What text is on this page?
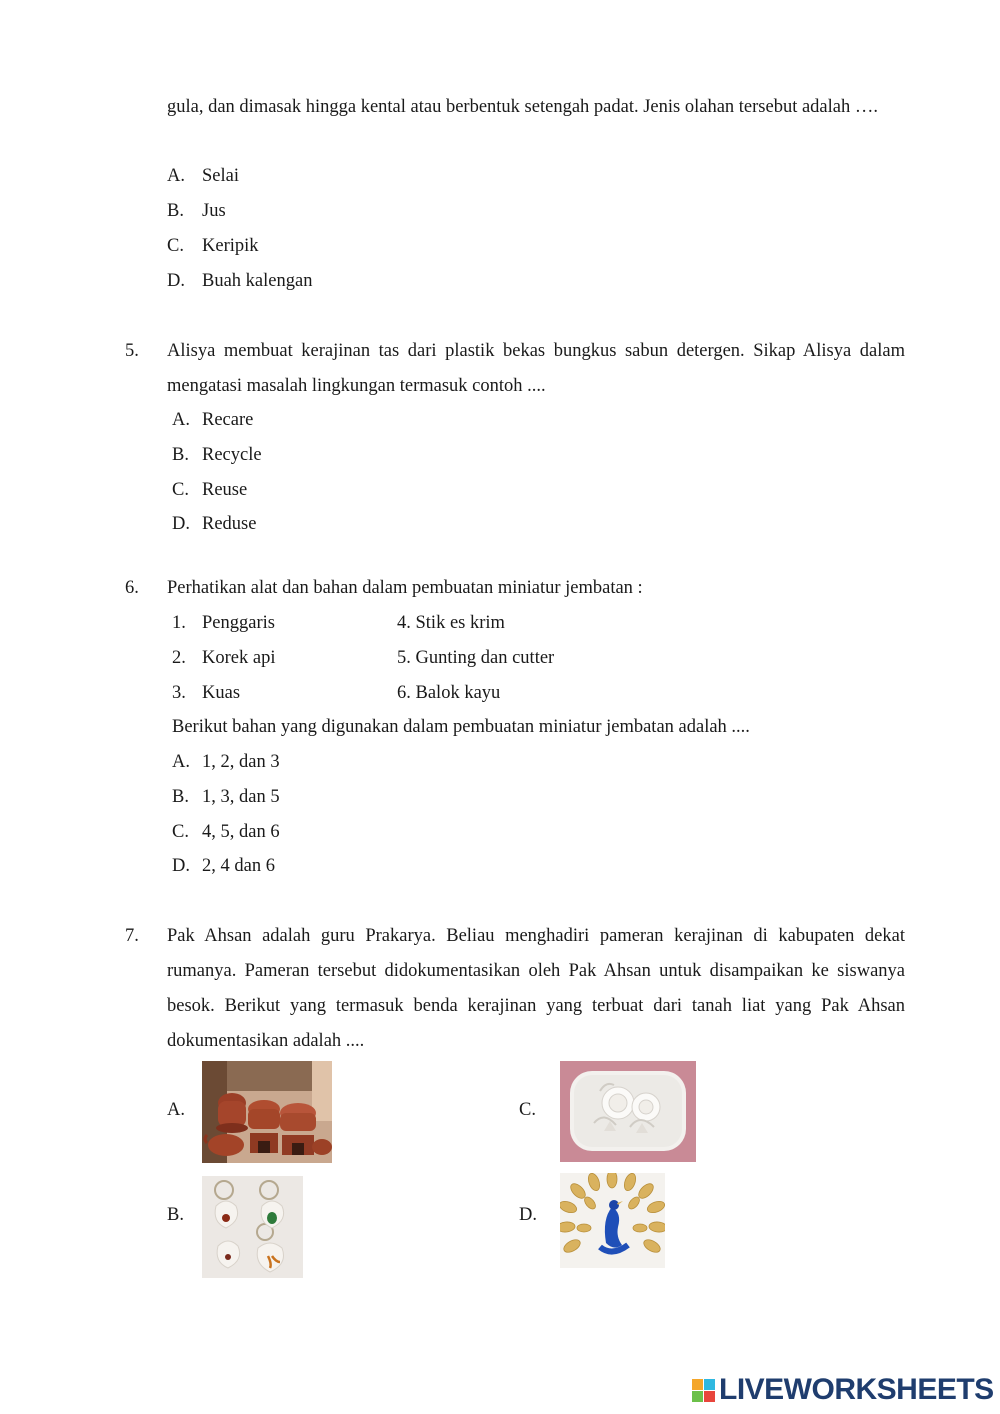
gula, dan dimasak hingga kental atau berbentuk setengah padat. Jenis olahan tersebut adalah ….
A. Selai
B. Jus
C. Keripik
D. Buah kalengan
5. Alisya membuat kerajinan tas dari plastik bekas bungkus sabun detergen. Sikap Alisya dalam mengatasi masalah lingkungan termasuk contoh ....
A. Recare
B. Recycle
C. Reuse
D. Reduse
6. Perhatikan alat dan bahan dalam pembuatan miniatur jembatan :
1. Penggaris
2. Korek api
3. Kuas
4. Stik es krim
5. Gunting dan cutter
6. Balok kayu
Berikut bahan yang digunakan dalam pembuatan miniatur jembatan adalah ....
A. 1, 2, dan 3
B. 1, 3, dan 5
C. 4, 5, dan 6
D. 2, 4 dan 6
7. Pak Ahsan adalah guru Prakarya. Beliau menghadiri pameran kerajinan di kabupaten dekat rumanya. Pameran tersebut didokumentasikan oleh Pak Ahsan untuk disampaikan ke siswanya besok. Berikut yang termasuk benda kerajinan yang terbuat dari tanah liat yang Pak Ahsan dokumentasikan adalah ....
A.
B.
C.
D.
LIVEWORKSHEETS
